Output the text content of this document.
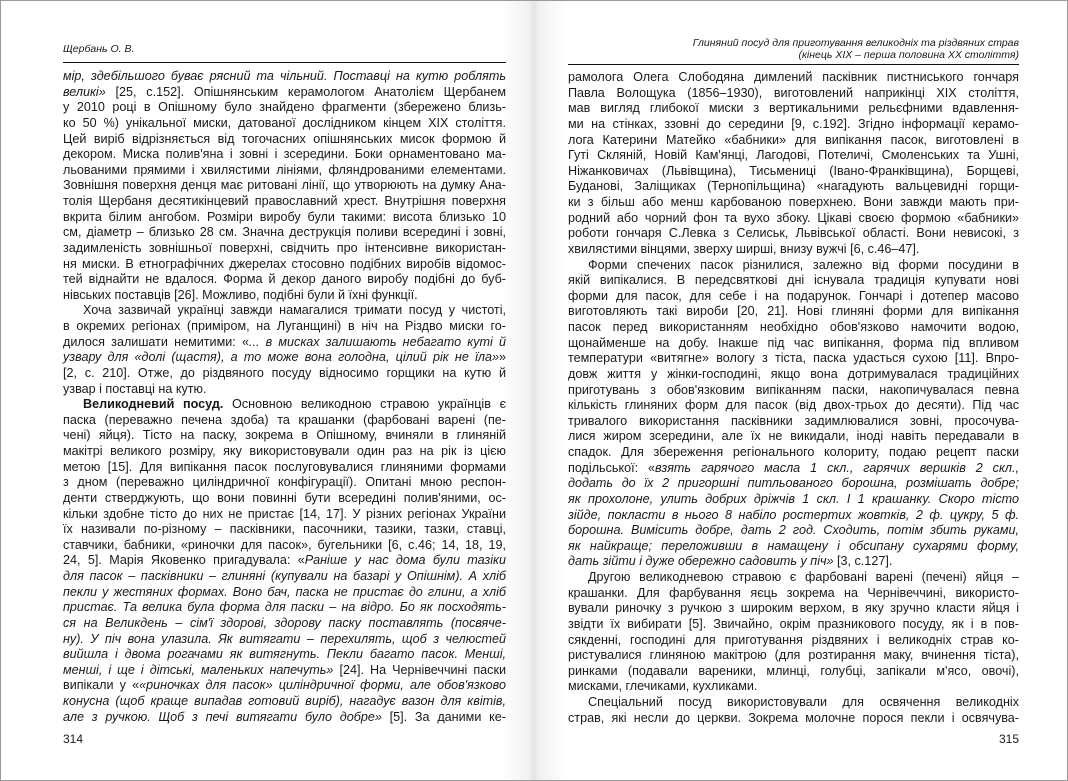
Щербань О. В.
мір, здебільшого буває рясний та чільний. Поставці на кутю роблять
великі» [25, с.152]. Опішнянським керамологом Анатолієм Щербанем
у 2010 році в Опішному було знайдено фрагменти (збережено близь-
ко 50 %) унікальної миски, датованої дослідником кінцем XIX століття.
Цей виріб відрізняється від тогочасних опішнянських мисок формою й
декором. Миска полив'яна і зовні і зсередини. Боки орнаментовано ма-
льованими прямими і хвилястими лініями, фляндрованими елементами.
Зовнішня поверхня денця має ритовані лінії, що утворюють на думку Ана-
толія Щербаня десятикінцевий православний хрест. Внутрішня поверхня
вкрита білим ангобом. Розміри виробу були такими: висота близько 10
см, діаметр – близько 28 см. Значна деструкція поливи всередині і зовні,
задимленість зовнішньої поверхні, свідчить про інтенсивне використан-
ня миски. В етнографічних джерелах стосовно подібних виробів відомос-
тей віднайти не вдалося. Форма й декор даного виробу подібні до буб-
нівських поставців [26]. Можливо, подібні були й їхні функції.
Хоча зазвичай українці завжди намагалися тримати посуд у чистоті,
в окремих регіонах (приміром, на Луганщині) в ніч на Різдво миски го-
дилося залишати немитими: «... в мисках залишають небагато куті й
узвару для «долі (щастя), а то може вона голодна, цілий рік не їла»»
[2, с. 210]. Отже, до різдвяного посуду відносимо горщики на кутю й
узвар і поставці на кутю.
Великодневий посуд. Основною великодною стравою українців є
паска (переважно печена здоба) та крашанки (фарбовані варені (пе-
чені) яйця). Тісто на паску, зокрема в Опішному, вчиняли в глиняній
макітрі великого розміру, яку використовували один раз на рік із цією
метою [15]. Для випікання пасок послуговувалися глиняними формами
з дном (переважно циліндричної конфігурації). Опитані мною респон-
денти стверджують, що вони повинні бути всередині полив'яними, ос-
кільки здобне тісто до них не пристає [14, 17]. У різних регіонах України
їх називали по-різному – пасківники, пасочники, тазики, тазки, ставці,
ставчики, бабники, «риночки для пасок», бугельники [6, с.46; 14, 18, 19,
24, 5]. Марія Яковенко пригадувала: «Раніше у нас дома були тазіки
для пасок – пасківники – глиняні (купували на базарі у Опішнім). А хліб
пекли у жестяних формах. Воно бач, паска не пристає до глини, а хліб
пристає. Та велика була форма для паски – на відро. Бо як посходять-
ся на Великдень – сім'ї здорові, здорову паску поставлять (посвяче-
ну). У піч вона улазила. Як витягати – перехилять, щоб з челюстей
вийшла і двома рогачами як витягнуть. Пекли багато пасок. Менші,
менші, і ще і дітські, маленьких напечуть» [24]. На Чернівеччині паски
випікали у ««риночках для пасок» циліндричної форми, але обов'язково
конусна (щоб краще випадав готовий виріб), нагадує вазон для квітів,
але з ручкою. Щоб з печі витягати було добре» [5]. За даними ке-
314
Глиняний посуд для приготування великодніх та різдвяних страв
(кінець XIX – перша половина XX століття)
рамолога Олега Слободяна димлений пасківник пистниського гончаря
Павла Волощука (1856–1930), виготовлений наприкінці XIX століття,
мав вигляд глибокої миски з вертикальними рельєфними вдавлення-
ми на стінках, ззовні до середини [9, с.192]. Згідно інформації керамо-
лога Катерини Матейко «бабники» для випікання пасок, виготовлені в
Гуті Скляній, Новій Кам'янці, Лагодові, Потеличі, Смоленських та Ушні,
Ніжанковичах (Львівщина), Тисьмениці (Івано-Франківщина), Борщеві,
Буданові, Заліщиках (Тернопільщина) «нагадують вальцевидні горщи-
ки з більш або менш карбованою поверхнею. Вони завжди мають при-
родний або чорний фон та вухо збоку. Цікаві своєю формою «бабники»
роботи гончаря С.Левка з Селиськ, Львівської області. Вони невисокі, з
хвилястими вінцями, зверху ширші, внизу вужчі [6, с.46–47].
Форми спечених пасок різнилися, залежно від форми посудини в
якій випікалися. В передсвяткові дні існувала традиція купувати нові
форми для пасок, для себе і на подарунок. Гончарі і дотепер масово
виготовляють такі вироби [20, 21]. Нові глиняні форми для випікання
пасок перед використанням необхідно обов'язково намочити водою,
щонайменше на добу. Інакше під час випікання, форма під впливом
температури «витягне» вологу з тіста, паска удасться сухою [11]. Впро-
довж життя у жінки-господині, якщо вона дотримувалася традиційних
приготувань з обов'язковим випіканням паски, накопичувалася певна
кількість глиняних форм для пасок (від двох-трьох до десяти). Під час
тривалого використання пасківники задимлювалися зовні, просочува-
лися жиром зсередини, але їх не викидали, іноді навіть передавали в
спадок. Для збереження регіонального колориту, подаю рецепт паски
подільської: «взять гарячого масла 1 скл., гарячих вершків 2 скл.,
додать до їх 2 пригоршні питльованого борошна, розмішать добре;
як прохолоне, улить добрих дріжчів 1 скл. І 1 крашанку. Скоро тісто
зійде, покласти в нього 8 набіло ростертих жовтків, 2 ф. цукру, 5 ф.
борошна. Вимісить добре, дать 2 год. Сходить, потім збить руками,
як найкраще; переложивши в намащену і обсипану сухарями форму,
дать зійти і дуже обережно садовить у піч» [3, с.127].
Другою великодневою стравою є фарбовані варені (печені) яйця –
крашанки. Для фарбування яєць зокрема на Чернівеччині, використо-
вували риночку з ручкою з широким верхом, в яку зручно класти яйця і
звідти їх вибирати [5]. Звичайно, окрім празникового посуду, як і в пов-
сякденні, господині для приготування різдвяних і великодніх страв ко-
ристувалися глиняною макітрою (для розтирання маку, вчинення тіста),
ринками (подавали вареники, млинці, голубці, запікали м'ясо, овочі),
мисками, глечиками, кухликами.
Спеціальний посуд використовували для освячення великодніх
страв, які несли до церкви. Зокрема молочне порося пекли і освячува-
315
